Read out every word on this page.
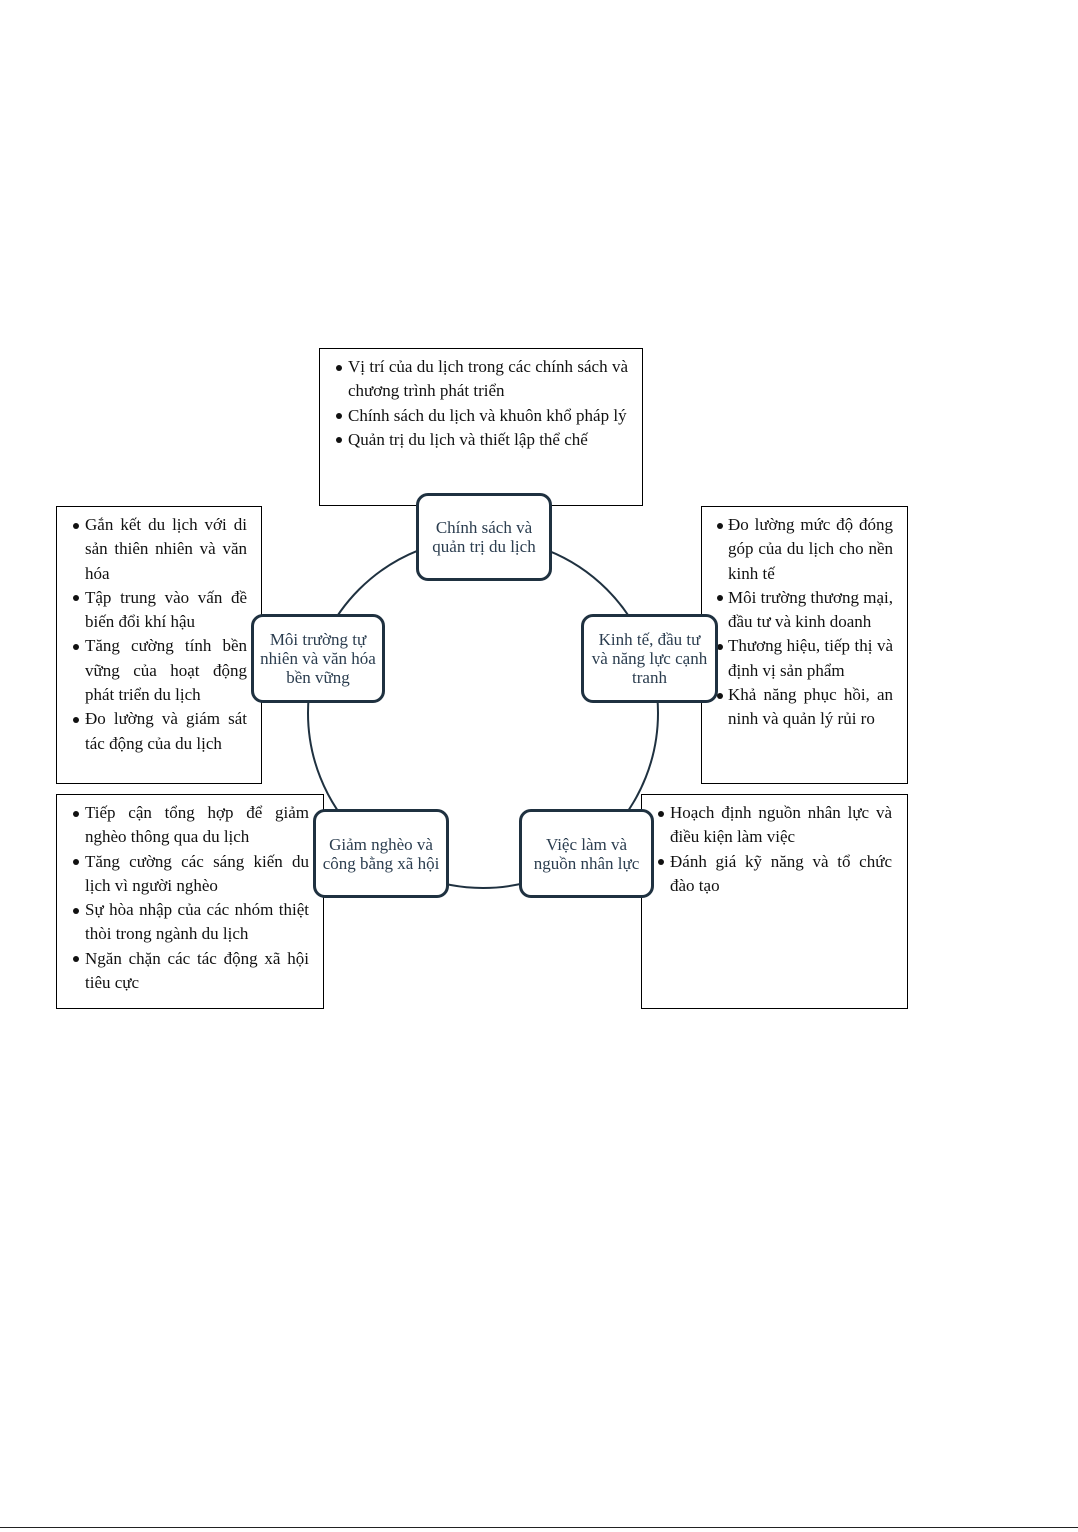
Vị trí của du lịch trong các chính sách và chương trình phát triển
Chính sách du lịch và khuôn khổ pháp lý
Quản trị du lịch và thiết lập thể chế
Gắn kết du lịch với di sản thiên nhiên và văn hóa
Tập trung vào vấn đề biến đổi khí hậu
Tăng cường tính bền vững của hoạt động phát triển du lịch
Đo lường và giám sát tác động của du lịch
Đo lường mức độ đóng góp của du lịch cho nền kinh tế
Môi trường thương mại, đầu tư và kinh doanh
Thương hiệu, tiếp thị và định vị sản phẩm
Khả năng phục hồi, an ninh và quản lý rủi ro
Tiếp cận tổng hợp để giảm nghèo thông qua du lịch
Tăng cường các sáng kiến du lịch vì người nghèo
Sự hòa nhập của các nhóm thiệt thòi trong ngành du lịch
Ngăn chặn các tác động xã hội tiêu cực
Hoạch định nguồn nhân lực và điều kiện làm việc
Đánh giá kỹ năng và tổ chức đào tạo
Chính sách và quản trị du lịch
Môi trường tự nhiên và văn hóa bền vững
Kinh tế, đầu tư và năng lực cạnh tranh
Giảm nghèo và công bằng xã hội
Việc làm và nguồn nhân lực
